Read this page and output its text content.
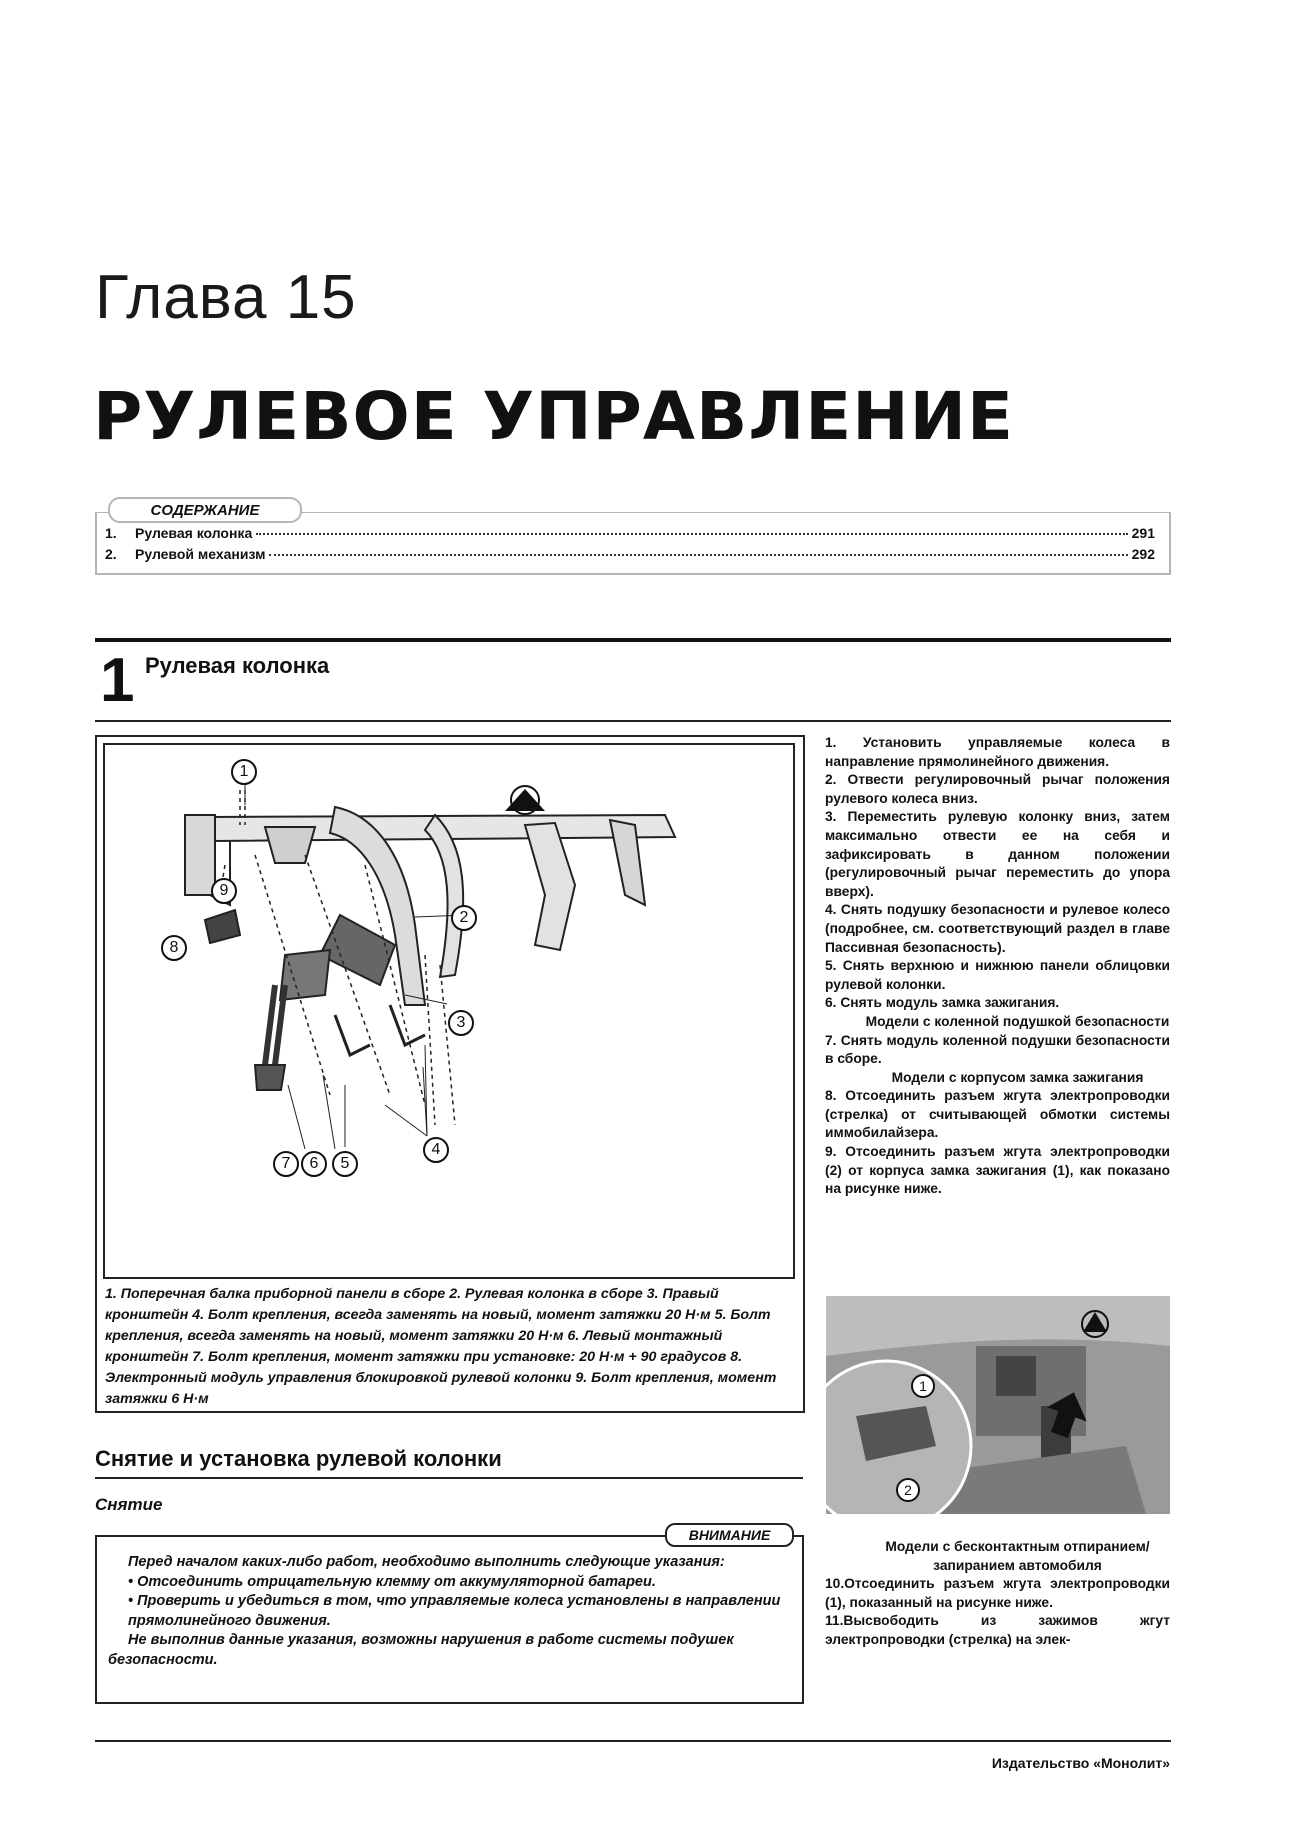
Глава 15
РУЛЕВОЕ УПРАВЛЕНИЕ
СОДЕРЖАНИЕ
1.	Рулевая колонка	291
2.	Рулевой механизм	292
1 Рулевая колонка
1
2
3
4
5
6
7
8
9
1. Поперечная балка приборной панели в сборе 2. Рулевая колонка в сборе 3. Правый кронштейн 4. Болт крепления, всегда заменять на новый, момент затяжки 20 Н·м 5. Болт крепления, всегда заменять на новый, момент затяжки 20 Н·м 6. Левый монтажный кронштейн 7. Болт крепления, момент затяжки при установке: 20 Н·м + 90 градусов 8. Электронный модуль управления блокировкой рулевой колонки 9. Болт крепления, момент затяжки 6 Н·м
Снятие и установка рулевой колонки
Снятие
ВНИМАНИЕ

Перед началом каких-либо работ, необходимо выполнить следующие указания:

• Отсоединить отрицательную клемму от аккумуляторной батареи.

• Проверить и убедиться в том, что управляемые колеса установлены в направлении прямолинейного движения.

Не выполнив данные указания, возможны нарушения в работе системы подушек безопасности.

1. Установить управляемые колеса в направление прямолинейного движения.

2. Отвести регулировочный рычаг положения рулевого колеса вниз.

3. Переместить рулевую колонку вниз, затем максимально отвести ее на себя и зафиксировать в данном положении (регулировочный рычаг переместить до упора вверх).

4. Снять подушку безопасности и рулевое колесо (подробнее, см. соответствующий раздел в главе Пассивная безопасность).

5. Снять верхнюю и нижнюю панели облицовки рулевой колонки.

6. Снять модуль замка зажигания.

Модели с коленной подушкой безопасности

7. Снять модуль коленной подушки безопасности в сборе.

Модели с корпусом замка зажигания

8. Отсоединить разъем жгута электропроводки (стрелка) от считывающей обмотки системы иммобилайзера.

9. Отсоединить разъем жгута электропроводки (2) от корпуса замка зажигания (1), как показано на рисунке ниже.

1
2

Модели с бесконтактным отпиранием/запиранием автомобиля

10.Отсоединить разъем жгута электропроводки (1), показанный на рисунке ниже.

11.Высвободить из зажимов жгут электропроводки (стрелка) на элек-

Издательство «Монолит»
